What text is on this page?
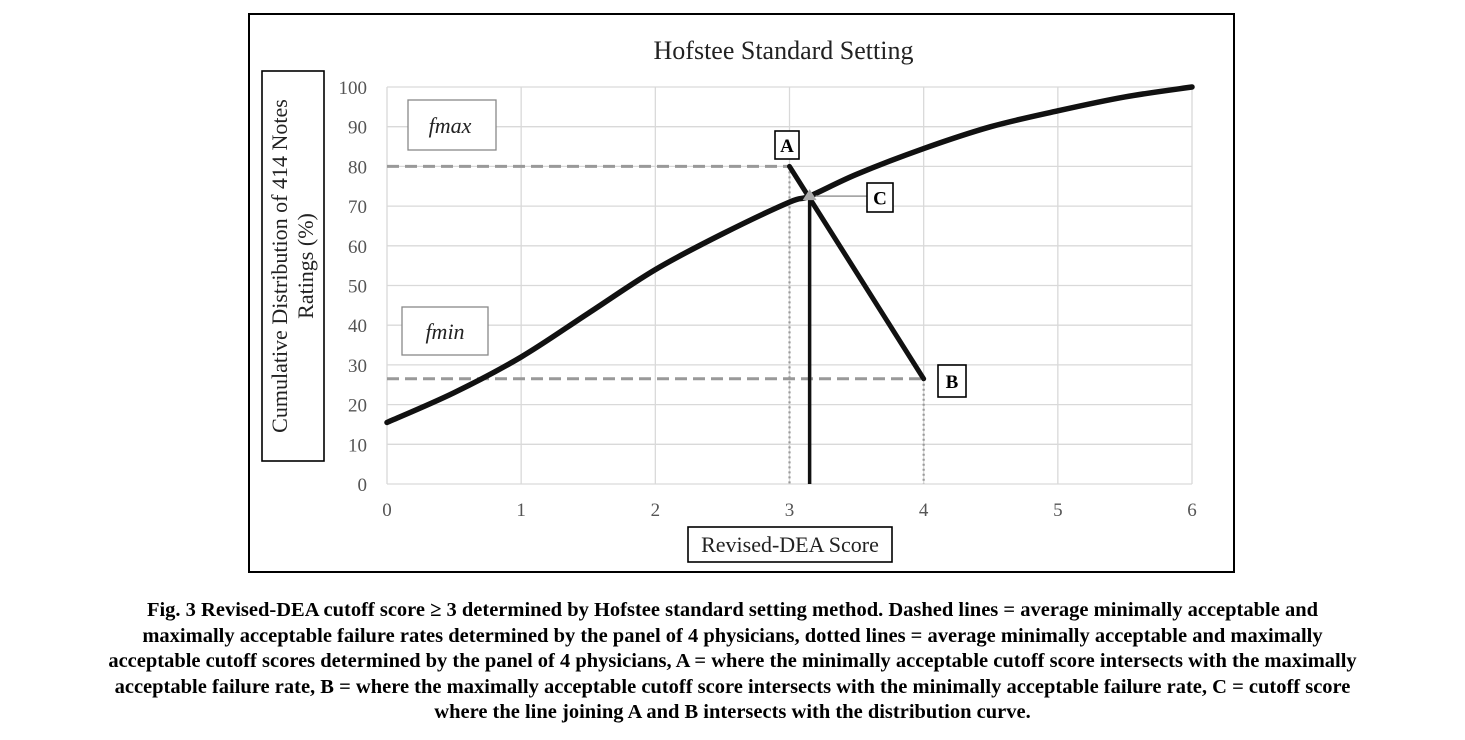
Hofstee Standard Setting
0
10
20
30
40
50
60
70
80
90
100
0	1	2	3	4	5	6
Cumulative Distribution of 414 Notes Ratings (%)
Revised-DEA Score
A
C
B
fmax
fmin
Fig. 3 Revised-DEA cutoff score ≥ 3 determined by Hofstee standard setting method. Dashed lines = average minimally acceptable and
maximally acceptable failure rates determined by the panel of 4 physicians, dotted lines = average minimally acceptable and maximally
acceptable cutoff scores determined by the panel of 4 physicians, A = where the minimally acceptable cutoff score intersects with the maximally
acceptable failure rate, B = where the maximally acceptable cutoff score intersects with the minimally acceptable failure rate, C = cutoff score
where the line joining A and B intersects with the distribution curve.
